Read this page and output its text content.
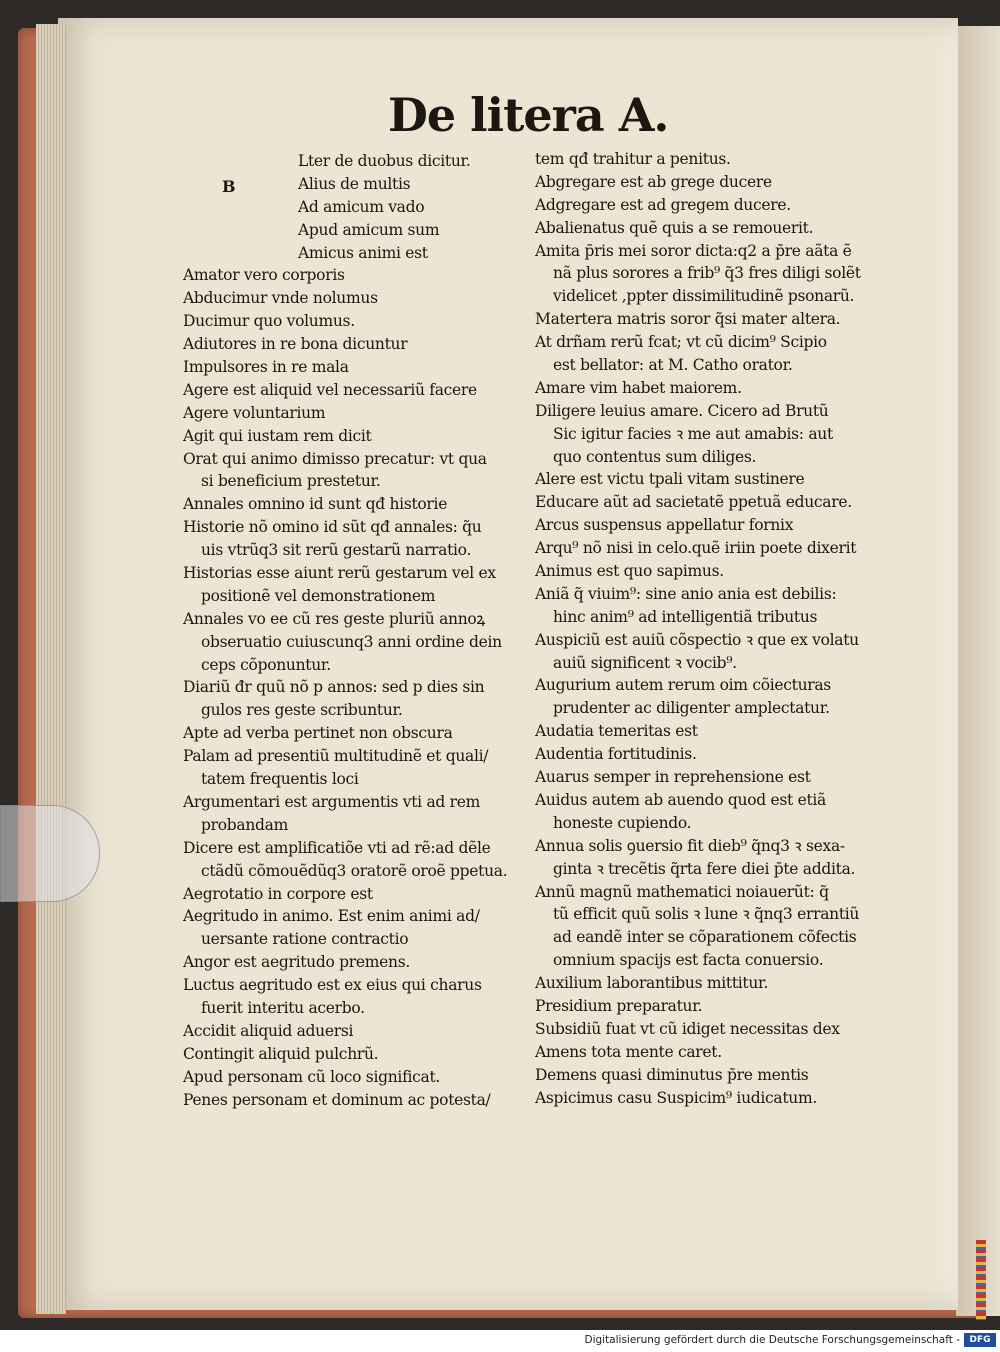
De litera A.
B
Lter de duobus dicitur.
Alius de multis
Ad amicum vado
Apud amicum sum
Amicus animi est
Amator vero corporis
Abducimur vnde nolumus
Ducimur quo volumus.
Adiutores in re bona dicuntur
Impulsores in re mala
Agere est aliquid vel necessariũ facere
Agere voluntarium
Agit qui iustam rem dicit
Orat qui animo dimisso precatur: vt qua
si beneficium prestetur.
Annales omnino id sunt qđ historie
Historie nõ omino id sũt qđ annales: q̃u
uis vtrũq3 sit rerũ gestarũ narratio.
Historias esse aiunt rerũ gestarum vel ex
positionẽ vel demonstrationem
Annales vo ee cũ res geste pluriũ annoꝝ
obseruatio cuiuscunq3 anni ordine dein
ceps cõponuntur.
Diariũ đr quũ nõ p annos: sed p dies sin
gulos res geste scribuntur.
Apte ad verba pertinet non obscura
Palam ad presentiũ multitudinẽ et quali/
tatem frequentis loci
Argumentari est argumentis vti ad rem
probandam
Dicere est amplificatiõe vti ad rẽ:ad dẽle
ctãdũ cõmouẽdũq3 oratorẽ oroẽ ppetua.
Aegrotatio in corpore est
Aegritudo in animo. Est enim animi ad/
uersante ratione contractio
Angor est aegritudo premens.
Luctus aegritudo est ex eius qui charus
fuerit interitu acerbo.
Accidit aliquid aduersi
Contingit aliquid pulchrũ.
Apud personam cũ loco significat.
Penes personam et dominum ac potesta/
tem qđ trahitur a penitus.
Abgregare est ab grege ducere
Adgregare est ad gregem ducere.
Abalienatus quẽ quis a se remouerit.
Amita p̄ris mei soror dicta:q2 a p̄re aãta ẽ
nã plus sorores a frib⁹ q̃3 fres diligi solẽt
videlicet ,ppter dissimilitudinẽ psonarũ.
Matertera matris soror q̃si mater altera.
At drñam rerũ fcat; vt cũ dicim⁹ Scipio
est bellator: at M. Catho orator.
Amare vim habet maiorem.
Diligere leuius amare. Cicero ad Brutũ
Sic igitur facies ꝛ me aut amabis: aut
quo contentus sum diliges.
Alere est victu tpali vitam sustinere
Educare aũt ad sacietatẽ ppetuã educare.
Arcus suspensus appellatur fornix
Arqu⁹ nõ nisi in celo.quẽ iriin poete dixerit
Animus est quo sapimus.
Aniã q̃ viuim⁹: sine anio ania est debilis:
hinc anim⁹ ad intelligentiã tributus
Auspiciũ est auiũ cõspectio ꝛ que ex volatu
auiũ significent ꝛ vocib⁹.
Augurium autem rerum oim cõiecturas
prudenter ac diligenter amplectatur.
Audatia temeritas est
Audentia fortitudinis.
Auarus semper in reprehensione est
Auidus autem ab auendo quod est etiã
honeste cupiendo.
Annua solis ꝯuersio fit dieb⁹ q̃nq3 ꝛ sexa-
ginta ꝛ trecẽtis q̃rta fere diei p̄te addita.
Annũ magnũ mathematici noiauerũt: q̃
tũ efficit quũ solis ꝛ lune ꝛ q̃nq3 errantiũ
ad eandẽ inter se cõparationem cõfectis
omnium spacijs est facta conuersio.
Auxilium laborantibus mittitur.
Presidium preparatur.
Subsidiũ fuat vt cũ idiget necessitas dex
Amens tota mente caret.
Demens quasi diminutus p̄re mentis
Aspicimus casu Suspicim⁹ iudicatum.
Digitalisierung gefördert durch die Deutsche Forschungsgemeinschaft -	DFG
